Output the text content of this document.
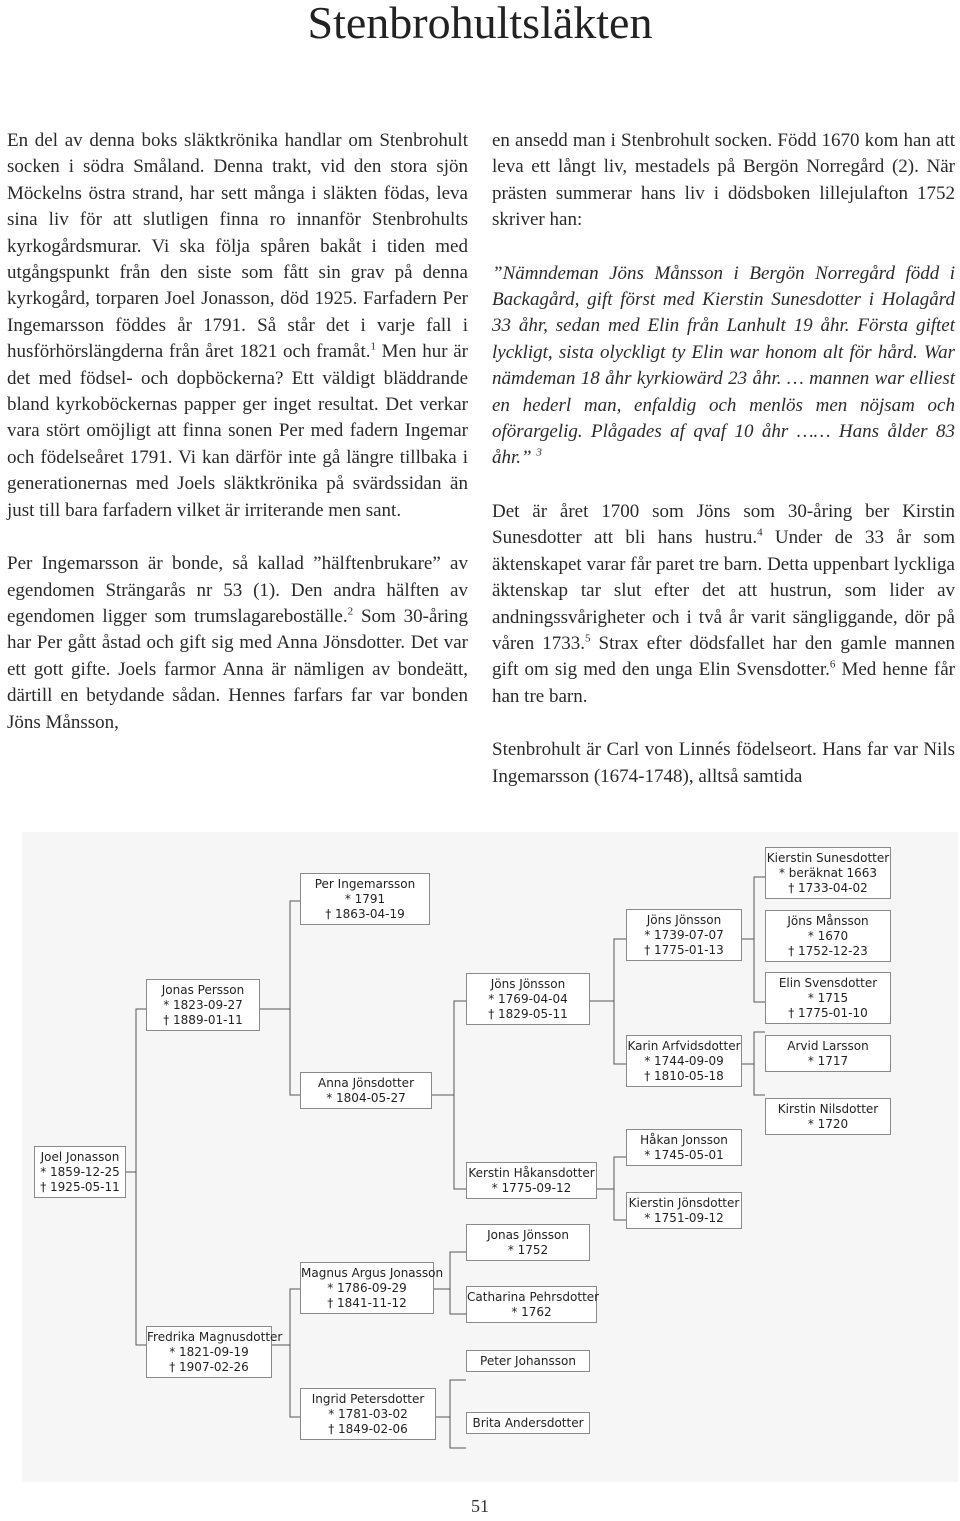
Stenbrohultsläkten

En del av denna boks släktkrönika handlar om Stenbrohult socken i södra Småland. Denna trakt, vid den stora sjön Möckelns östra strand, har sett många i släkten födas, leva sina liv för att slutligen finna ro innanför Stenbrohults kyrkogårdsmurar. Vi ska följa spåren bakåt i tiden med utgångspunkt från den siste som fått sin grav på denna kyrkogård, torparen Joel Jonasson, död 1925. Farfadern Per Ingemarsson föddes år 1791. Så står det i varje fall i husförhörslängderna från året 1821 och framåt.$^1$ Men hur är det med födsel- och dopböckerna? Ett väldigt bläddrande bland kyrkoböckernas papper ger inget resultat. Det verkar vara stört omöjligt att finna sonen Per med fadern Ingemar och födelseåret 1791. Vi kan därför inte gå längre tillbaka i generationernas med Joels släktkrönika på svärdssidan än just till bara farfadern vilket är irriterande men sant.

Per Ingemarsson är bonde, så kallad ”hälftenbrukare” av egendomen Strängarås nr 53 (1). Den andra hälften av egendomen ligger som trumslagareboställe.$^2$ Som 30-åring har Per gått åstad och gift sig med Anna Jönsdotter. Det var ett gott gifte. Joels farmor Anna är nämligen av bondeätt, därtill en betydande sådan. Hennes farfars far var bonden Jöns Månsson,

en ansedd man i Stenbrohult socken. Född 1670 kom han att leva ett långt liv, mestadels på Bergön Norregård (2). När prästen summerar hans liv i dödsboken lillejulafton 1752 skriver han:

”Nämndeman Jöns Månsson i Bergön Norregård född i Backagård, gift först med Kierstin Sunesdotter i Holagård 33 åhr, sedan med Elin från Lanhult 19 åhr. Första giftet lyckligt, sista olyckligt ty Elin war honom alt för hård. War nämdeman 18 åhr kyrkiowärd 23 åhr. … mannen war elliest en hederl man, enfaldig och menlös men nöjsam och oförargelig. Plågades af qvaf 10 åhr …… Hans ålder 83 åhr.” $^3$

Det är året 1700 som Jöns som 30-åring ber Kirstin Sunesdotter att bli hans hustru.$^4$ Under de 33 år som äktenskapet varar får paret tre barn. Detta uppenbart lyckliga äktenskap tar slut efter det att hustrun, som lider av andningssvårigheter och i två år varit sängliggande, dör på våren 1733.$^5$ Strax efter dödsfallet har den gamle mannen gift om sig med den unga Elin Svensdotter.$^6$ Med henne får han tre barn.

Stenbrohult är Carl von Linnés födelseort. Hans far var Nils Ingemarsson (1674-1748), alltså samtida

Joel Jonasson
* 1859-12-25
† 1925-05-11
Jonas Persson
* 1823-09-27
† 1889-01-11
Fredrika Magnusdotter
* 1821-09-19
† 1907-02-26
Per Ingemarsson
* 1791
† 1863-04-19
Anna Jönsdotter
* 1804-05-27
Magnus Argus Jonasson
* 1786-09-29
† 1841-11-12
Ingrid Petersdotter
* 1781-03-02
† 1849-02-06
Jöns Jönsson
* 1769-04-04
† 1829-05-11
Kerstin Håkansdotter
* 1775-09-12
Jonas Jönsson
* 1752
Catharina Pehrsdotter
* 1762
Peter Johansson
Brita Andersdotter
Jöns Jönsson
* 1739-07-07
† 1775-01-13
Karin Arfvidsdotter
* 1744-09-09
† 1810-05-18
Håkan Jonsson
* 1745-05-01
Kierstin Jönsdotter
* 1751-09-12
Kierstin Sunesdotter
* beräknat 1663
† 1733-04-02
Jöns Månsson
* 1670
† 1752-12-23
Elin Svensdotter
* 1715
† 1775-01-10
Arvid Larsson
* 1717
Kirstin Nilsdotter
* 1720
51
